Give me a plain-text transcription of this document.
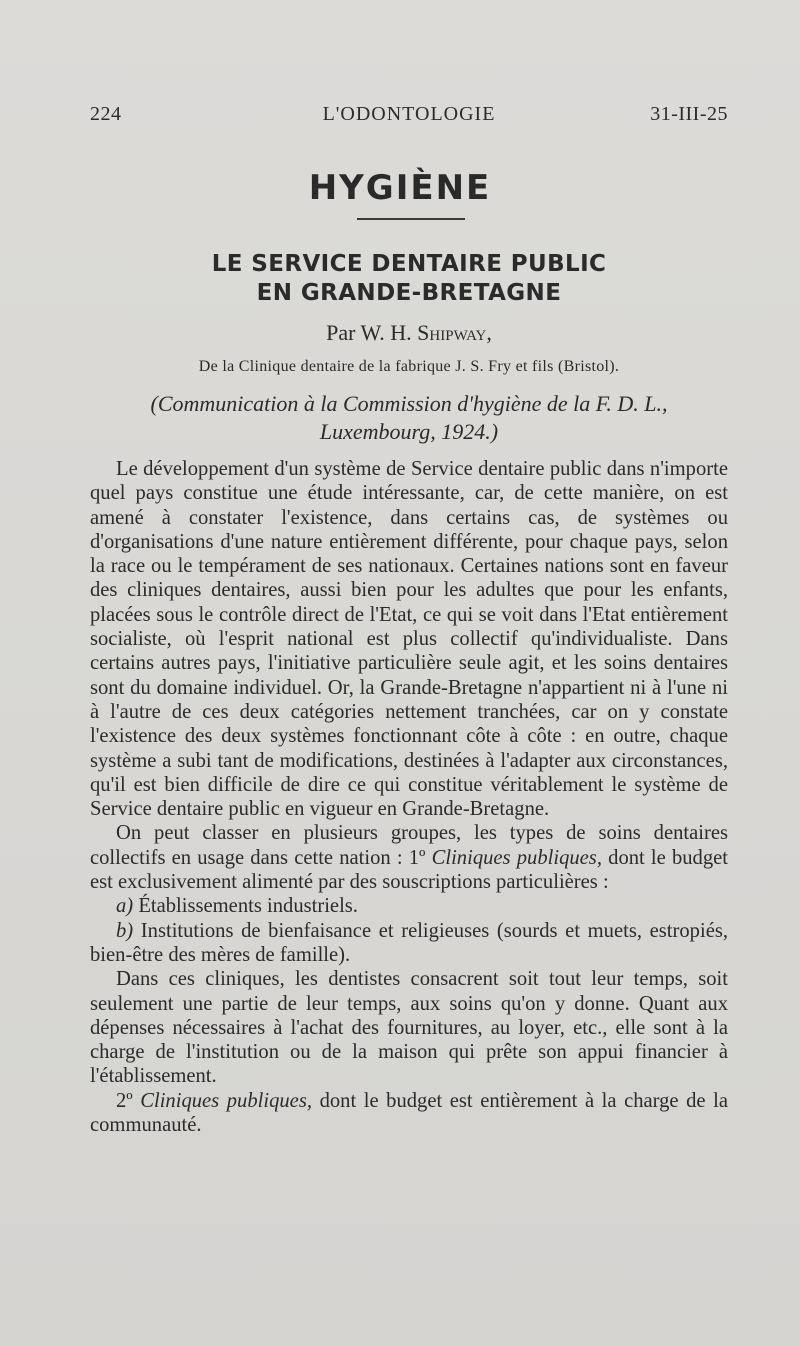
224	L'ODONTOLOGIE	31-III-25
HYGIÈNE
LE SERVICE DENTAIRE PUBLIC
EN GRANDE-BRETAGNE
Par W. H. Shipway,
De la Clinique dentaire de la fabrique J. S. Fry et fils (Bristol).
(Communication à la Commission d'hygiène de la F. D. L.,
Luxembourg, 1924.)

Le développement d'un système de Service dentaire public dans n'importe quel pays constitue une étude intéressante, car, de cette manière, on est amené à constater l'existence, dans certains cas, de systèmes ou d'organisations d'une nature entièrement différente, pour chaque pays, selon la race ou le tempérament de ses nationaux. Certaines nations sont en faveur des cliniques dentaires, aussi bien pour les adultes que pour les enfants, placées sous le contrôle direct de l'Etat, ce qui se voit dans l'Etat entièrement socialiste, où l'esprit national est plus collectif qu'individualiste. Dans certains autres pays, l'initiative particulière seule agit, et les soins dentaires sont du domaine individuel. Or, la Grande-Bretagne n'appartient ni à l'une ni à l'autre de ces deux catégories nettement tranchées, car on y constate l'existence des deux systèmes fonctionnant côte à côte : en outre, chaque système a subi tant de modifications, destinées à l'adapter aux circonstances, qu'il est bien difficile de dire ce qui constitue véritablement le système de Service dentaire public en vigueur en Grande-Bretagne.

On peut classer en plusieurs groupes, les types de soins dentaires collectifs en usage dans cette nation : 1º Cliniques publiques, dont le budget est exclusivement alimenté par des souscriptions particulières :

a) Établissements industriels.

b) Institutions de bienfaisance et religieuses (sourds et muets, estropiés, bien-être des mères de famille).

Dans ces cliniques, les dentistes consacrent soit tout leur temps, soit seulement une partie de leur temps, aux soins qu'on y donne. Quant aux dépenses nécessaires à l'achat des fournitures, au loyer, etc., elle sont à la charge de l'institution ou de la maison qui prête son appui financier à l'établissement.

2º Cliniques publiques, dont le budget est entièrement à la charge de la communauté.
